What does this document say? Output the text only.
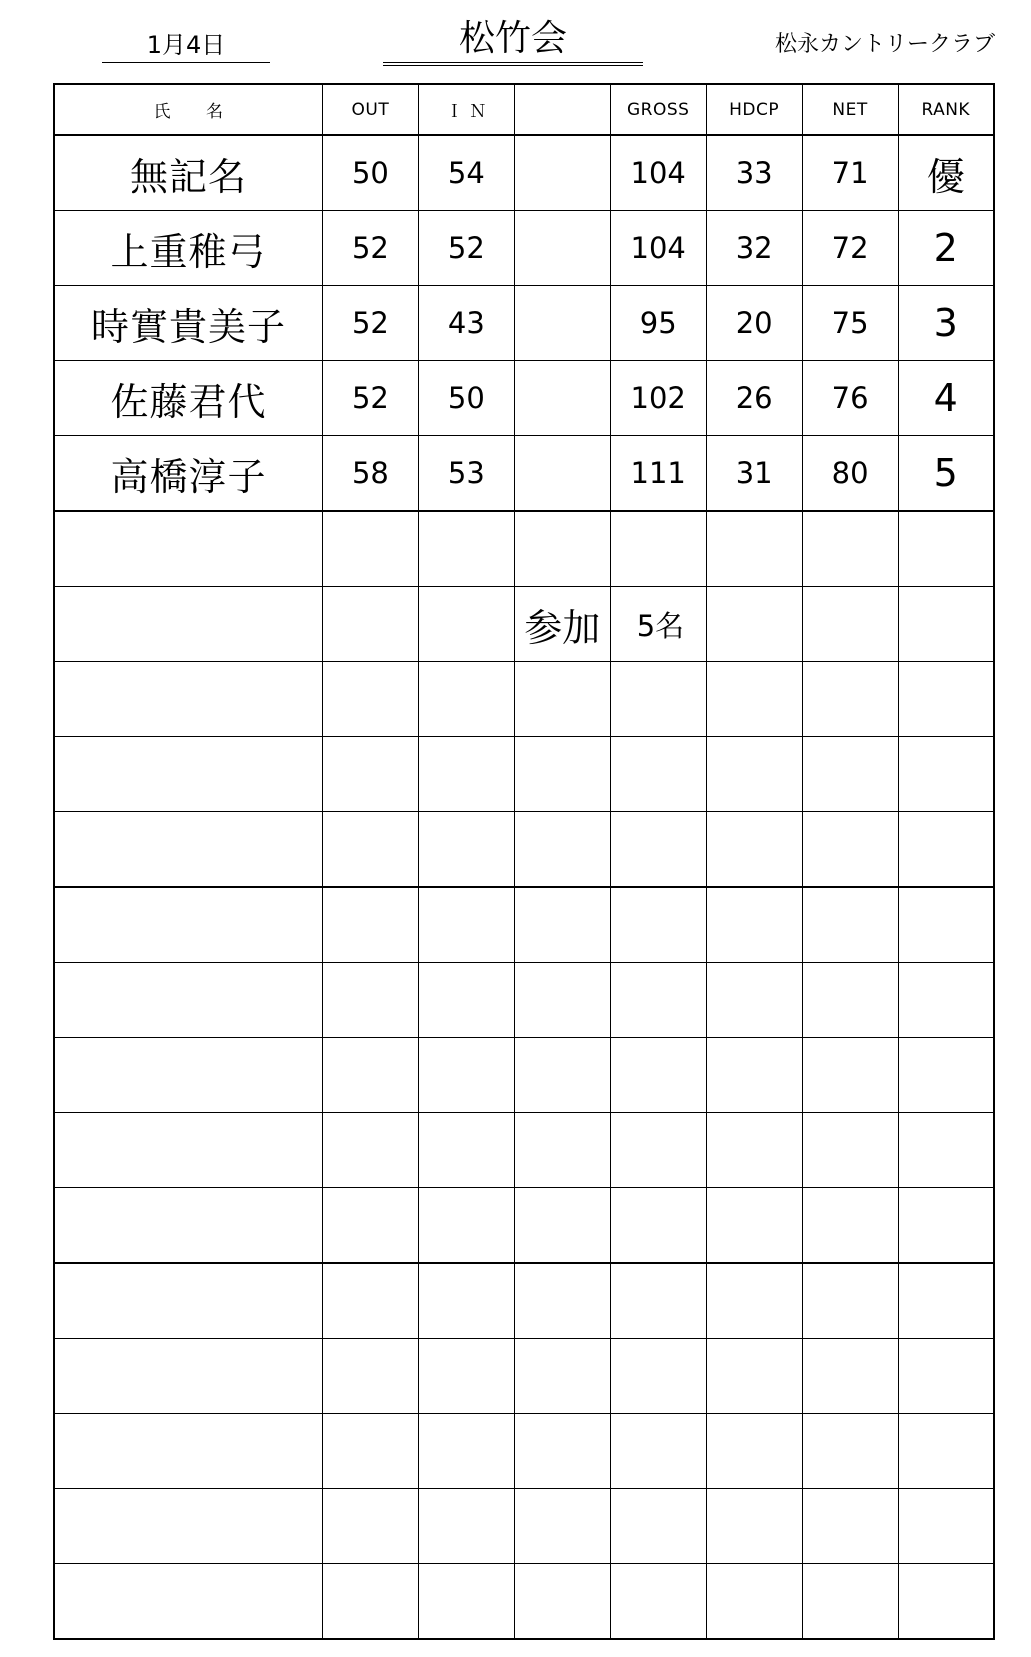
1月4日	松竹会	松永カントリークラブ
氏　　名	OUT	Ｉ Ｎ		GROSS	HDCP	NET	RANK
無記名	50	54		104	33	71	優
上重稚弓	52	52		104	32	72	2
時實貴美子	52	43		95	20	75	3
佐藤君代	52	50		102	26	76	4
高橋淳子	58	53		111	31	80	5

			参加	5名			
